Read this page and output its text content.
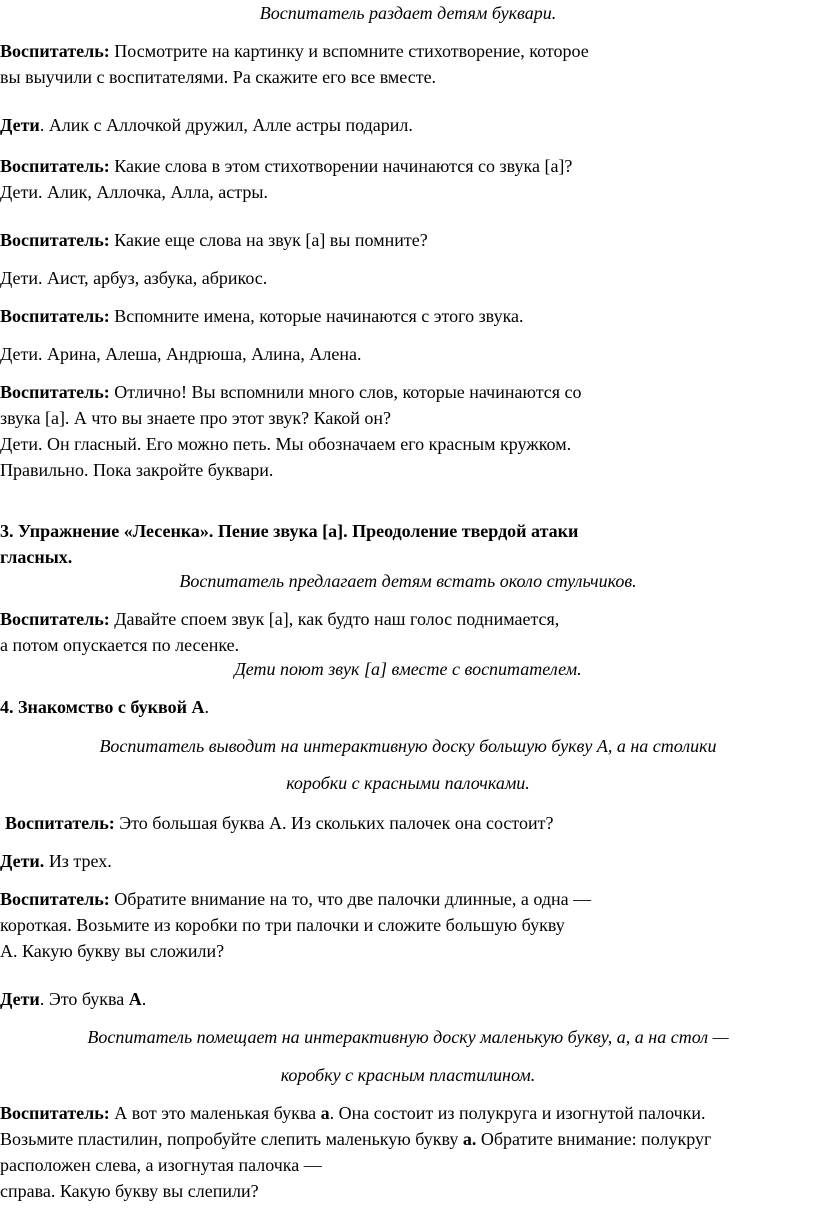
Воспитатель раздает детям буквари.
Воспитатель: Посмотрите на картинку и вспомните стихотворение, которое
вы выучили с воспитателями. Ра скажите его все вместе.
Дети. Алик с Аллочкой дружил, Алле астры подарил.
Воспитатель: Какие слова в этом стихотворении начинаются со звука [а]?
Дети. Алик, Аллочка, Алла, астры.
Воспитатель: Какие еще слова на звук [а] вы помните?
Дети. Аист, арбуз, азбука, абрикос.
Воспитатель: Вспомните имена, которые начинаются с этого звука.
Дети. Арина, Алеша, Андрюша, Алина, Алена.
Воспитатель: Отлично! Вы вспомнили много слов, которые начинаются со
звука [а]. А что вы знаете про этот звук? Какой он?
Дети. Он гласный. Его можно петь. Мы обозначаем его красным кружком.
Правильно. Пока закройте буквари.
3. Упражнение «Лесенка». Пение звука [а]. Преодоление твердой атаки
гласных.
Воспитатель предлагает детям встать около стульчиков.
Воспитатель: Давайте споем звук [а], как будто наш голос поднимается,
а потом опускается по лесенке.
Дети поют звук [а] вместе с воспитателем.
4. Знакомство с буквой А.
Воспитатель выводит на интерактивную доску большую букву А, а на столики
коробки с красными палочками.
Воспитатель: Это большая буква А. Из скольких палочек она состоит?
Дети. Из трех.
Воспитатель: Обратите внимание на то, что две палочки длинные, а одна —
короткая. Возьмите из коробки по три палочки и сложите большую букву
А. Какую букву вы сложили?
Дети. Это буква А.
Воспитатель помещает на интерактивную доску маленькую букву, а, а на стол —
коробку с красным пластилином.
Воспитатель: А вот это маленькая буква а. Она состоит из полукруга и изогнутой палочки.
Возьмите пластилин, попробуйте слепить маленькую букву а. Обратите внимание: полукруг
расположен слева, а изогнутая палочка —
справа. Какую букву вы слепили?
